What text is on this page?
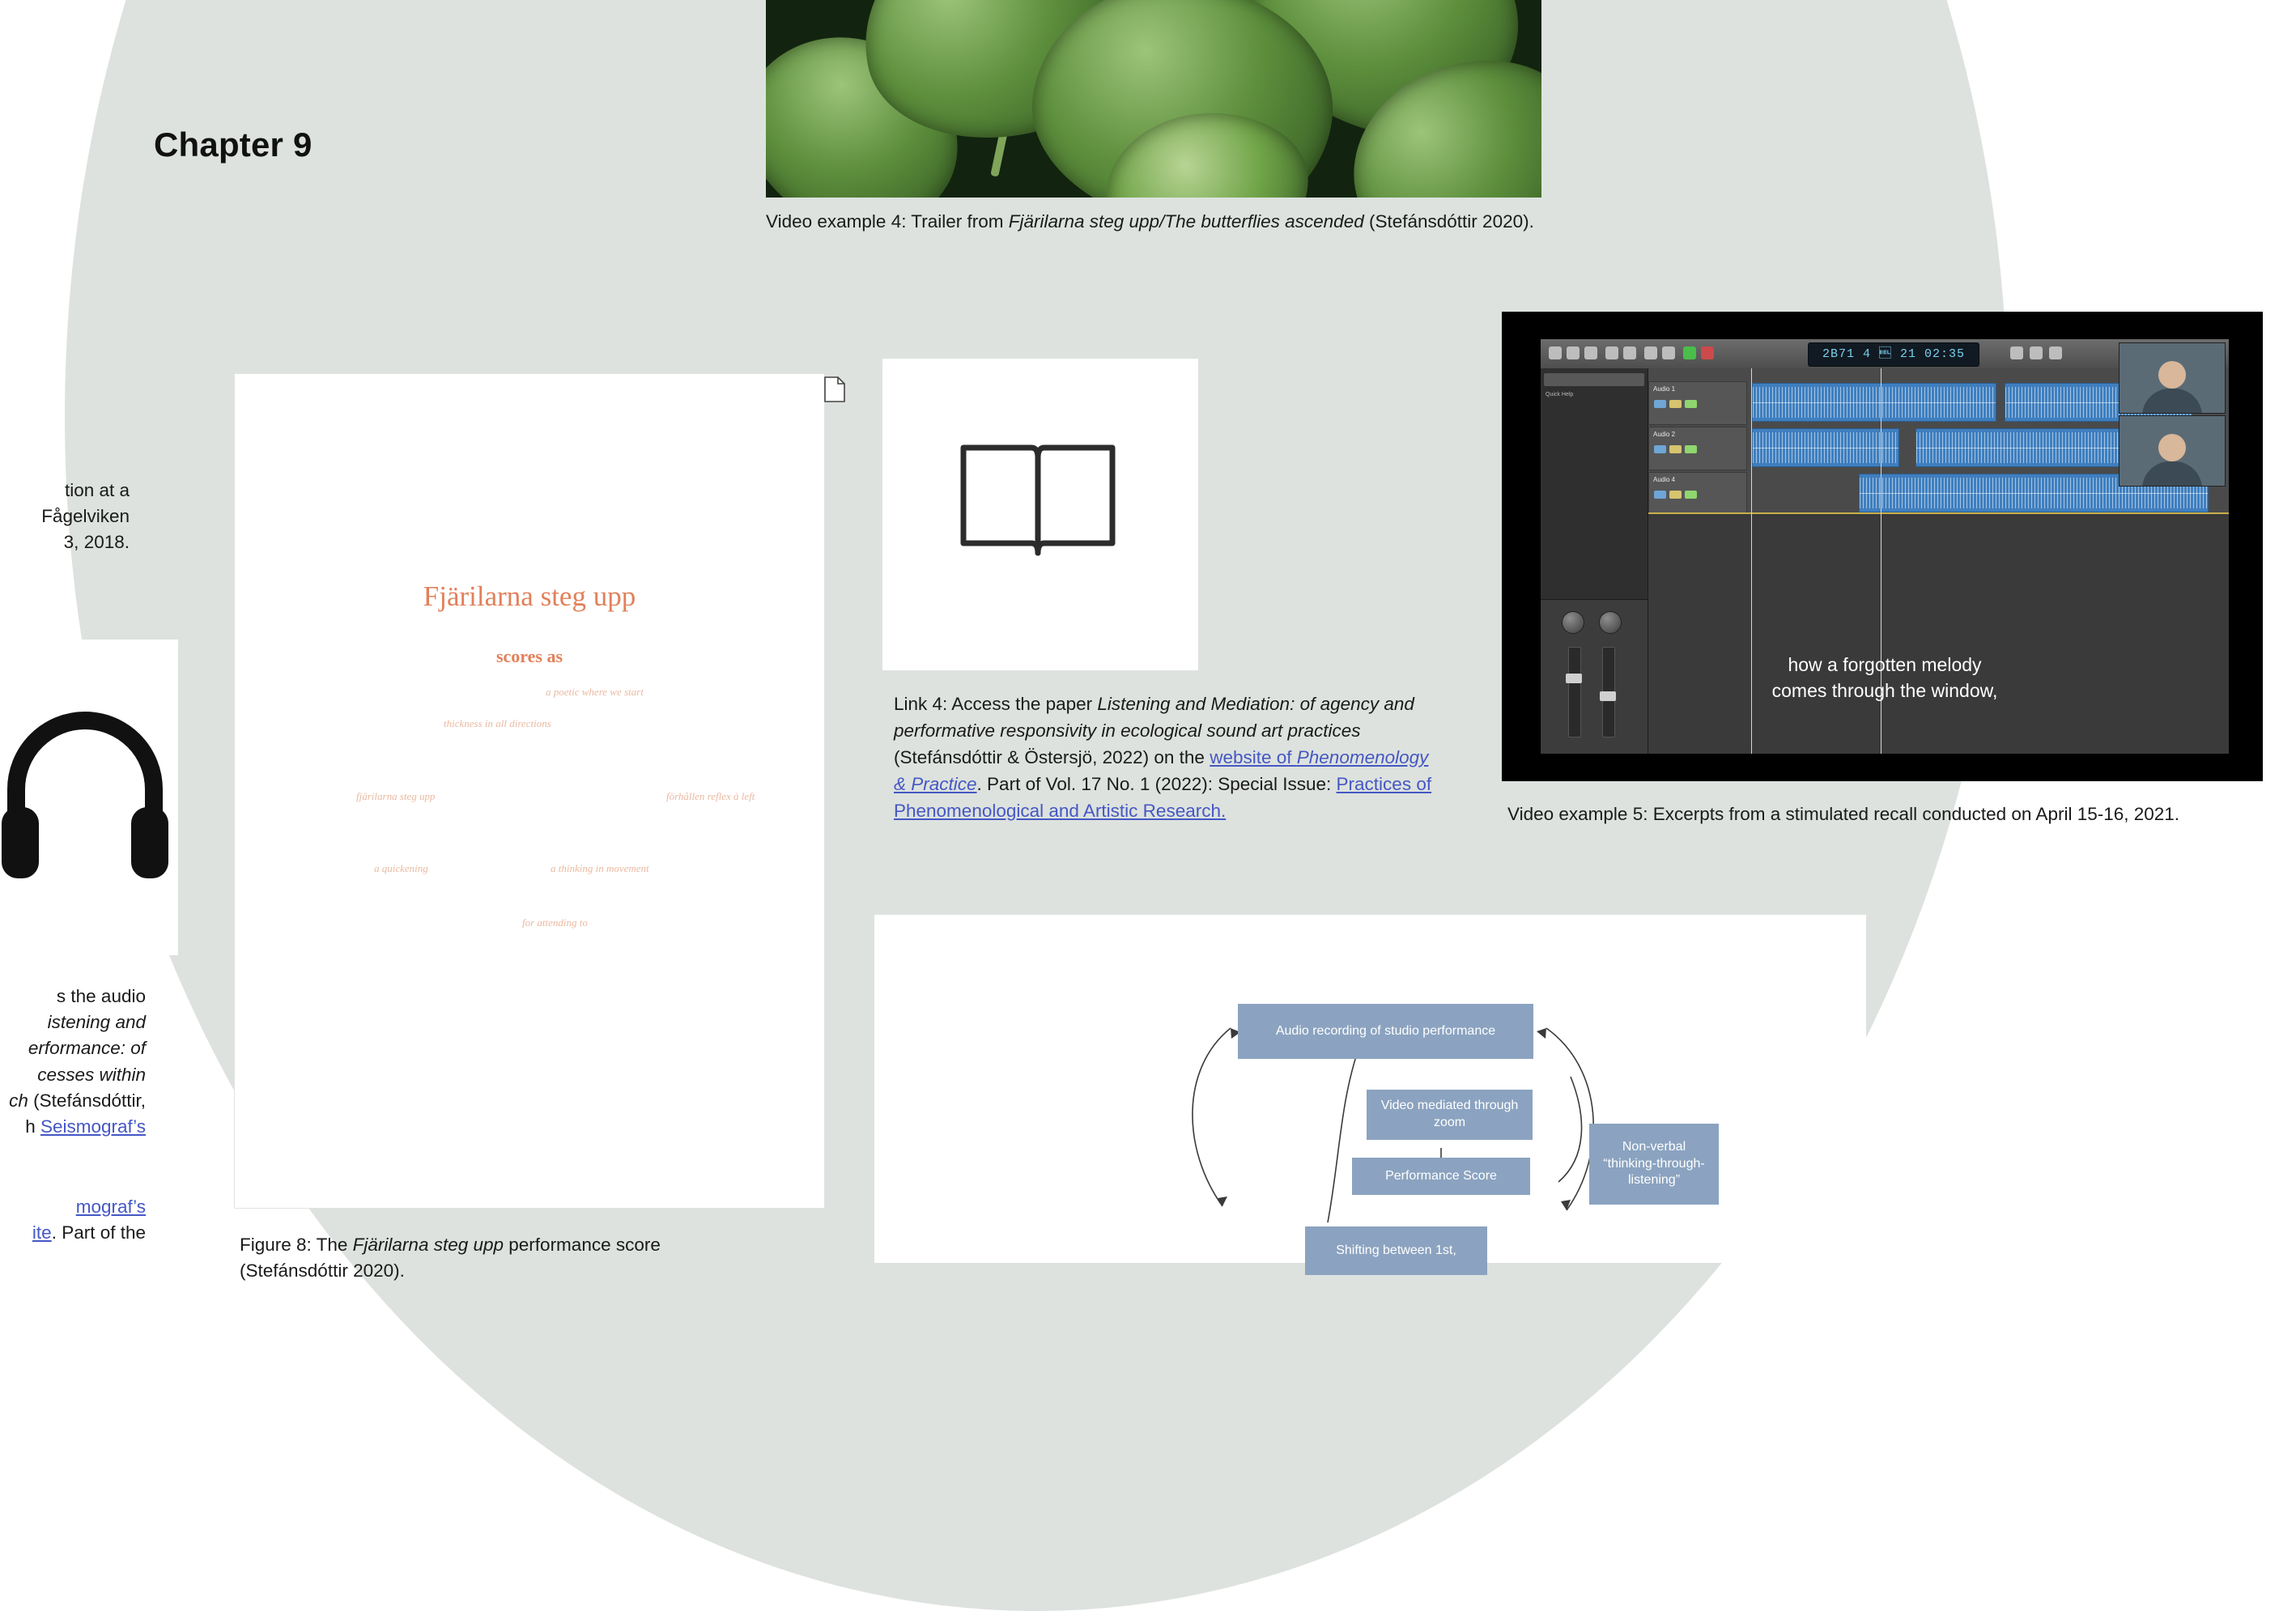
Chapter 9
Video example 4: Trailer from Fjärilarna steg upp/The butterflies ascended (Stefánsdóttir 2020).
Fjärilarna steg upp
scores as
a poetic where we start
thickness in all directions
fjärilarna steg upp	förhållen reflex à left
a quickening	a thinking in movement
for attending to
Figure 8: The Fjärilarna steg upp performance score
(Stefánsdóttir 2020).
Link 4: Access the paper Listening and Mediation: of agency and performative responsivity in ecological sound art practices (Stefánsdóttir & Östersjö, 2022) on the website of Phenomenology & Practice. Part of Vol. 17 No. 1 (2022): Special Issue: Practices of Phenomenological and Artistic Research.
2B71 4  21 02:35
Quick Help
Audio 1
Audio 2
Audio 4
how a forgotten melody
comes through the window,
Video example 5: Excerpts from a stimulated recall conducted on April 15-16, 2021.
Audio recording of studio performance
Video mediated through zoom
Performance Score
Non-verbal “thinking-through-listening”
Shifting between 1st,
tion at a
Fågelviken
3, 2018.
s the audio
istening and
erformance: of
cesses within
ch (Stefánsdóttir,
h Seismograf’s
mograf’s
ite. Part of the
